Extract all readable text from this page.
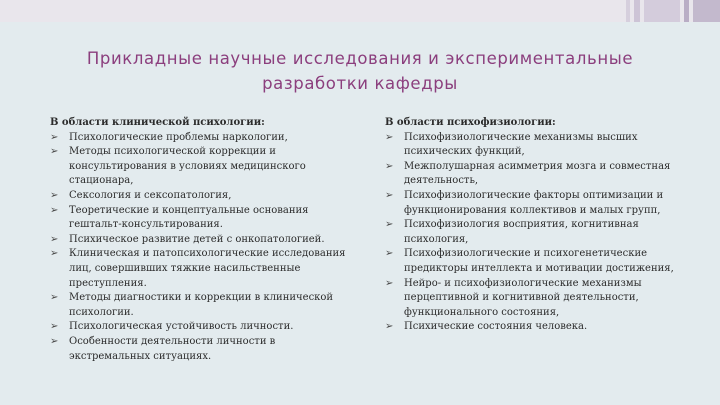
Прикладные научные исследования и экспериментальные
разработки кафедры
В области клинической психологии:
➢ Психологические проблемы наркологии,
➢ Методы психологической коррекции и консультирования в условиях медицинского стационара,
➢ Сексология и сексопатология,
➢ Теоретические и концептуальные основания гештальт-консультирования.
➢ Психическое развитие детей с онкопатологией.
➢ Клиническая и патопсихологические исследования лиц, совершивших тяжкие насильственные преступления.
➢ Методы диагностики и коррекции в клинической психологии.
➢ Психологическая устойчивость личности.
➢ Особенности деятельности личности в экстремальных ситуациях.
В области психофизиологии:
➢ Психофизиологические механизмы высших психических функций,
➢ Межполушарная асимметрия мозга и совместная деятельность,
➢ Психофизиологические факторы оптимизации и функционирования коллективов и малых групп,
➢ Психофизиология восприятия, когнитивная психология,
➢ Психофизиологические и психогенетические предикторы интеллекта и мотивации достижения,
➢ Нейро- и психофизиологические механизмы перцептивной и когнитивной деятельности, функционального состояния,
➢ Психические состояния человека.
